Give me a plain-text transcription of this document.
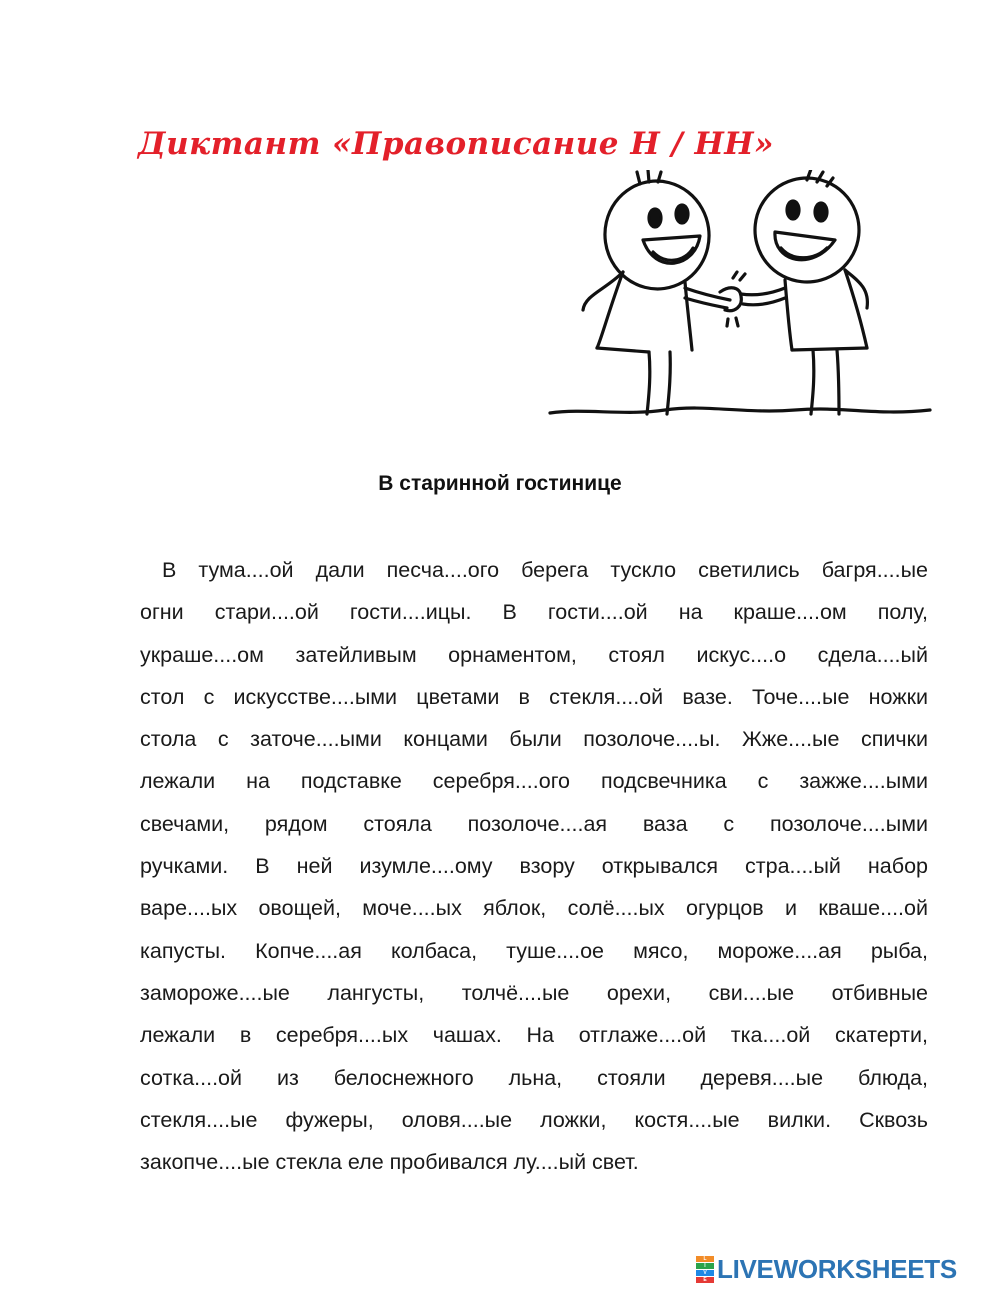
Диктант «Правописание Н / НН»
В старинной гостинице
В тума....ой дали песча....ого берега тускло светились багря....ые
огни стари....ой гости....ицы. В гости....ой на краше....ом полу,
украше....ом затейливым орнаментом, стоял искус....о сдела....ый
стол с искусстве....ыми цветами в стекля....ой вазе. Точе....ые ножки
стола с заточе....ыми концами были позолоче....ы. Жже....ые спички
лежали на подставке серебря....ого подсвечника с зажже....ыми
свечами, рядом стояла позолоче....ая ваза с позолоче....ыми
ручками. В ней изумле....ому взору открывался стра....ый набор
варе....ых овощей, моче....ых яблок, солё....ых огурцов и кваше....ой
капусты. Копче....ая колбаса, туше....ое мясо, мороже....ая рыба,
замороже....ые лангусты, толчё....ые орехи, сви....ые отбивные
лежали в серебря....ых чашах. На отглаже....ой тка....ой скатерти,
сотка....ой из белоснежного льна, стояли деревя....ые блюда,
стекля....ые фужеры, оловя....ые ложки, костя....ые вилки. Сквозь
закопче....ые стекла еле пробивался лу....ый свет.
L
I
V
E LIVEWORKSHEETS
